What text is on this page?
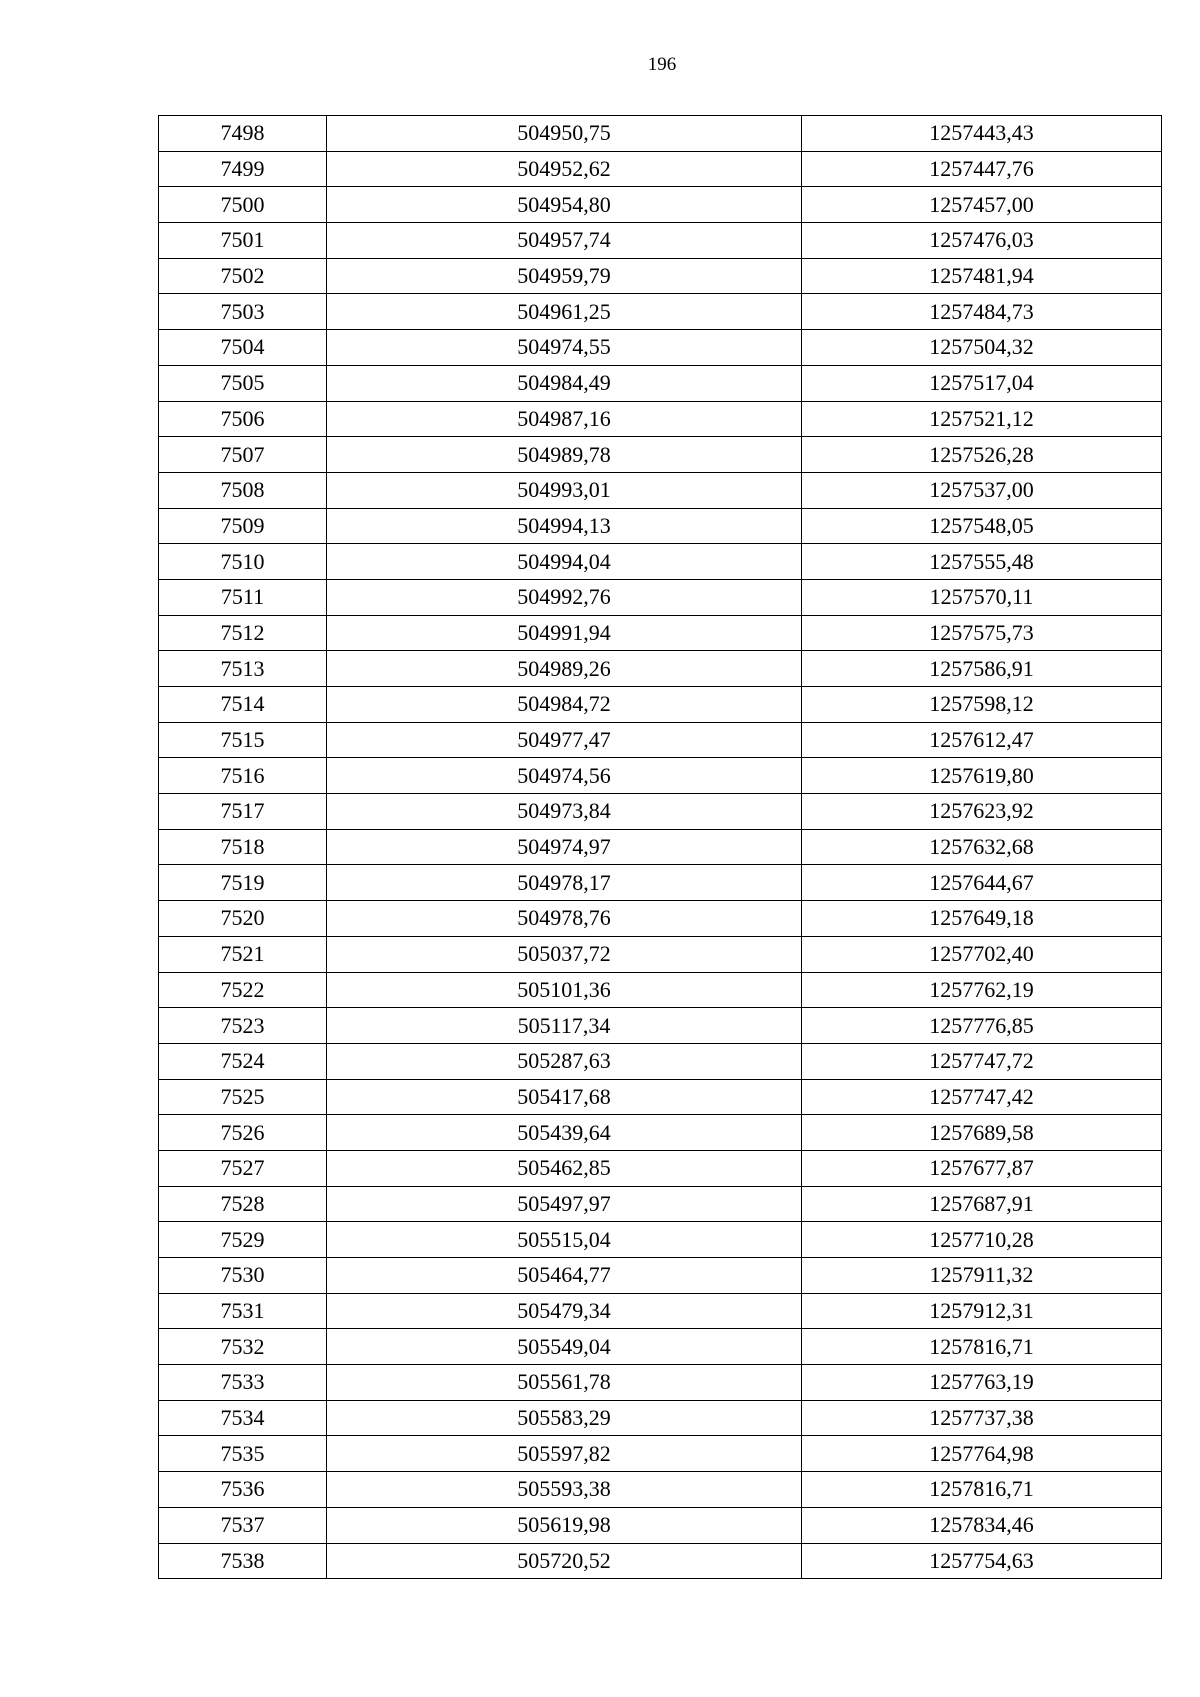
196
7498	504950,75	1257443,43
7499	504952,62	1257447,76
7500	504954,80	1257457,00
7501	504957,74	1257476,03
7502	504959,79	1257481,94
7503	504961,25	1257484,73
7504	504974,55	1257504,32
7505	504984,49	1257517,04
7506	504987,16	1257521,12
7507	504989,78	1257526,28
7508	504993,01	1257537,00
7509	504994,13	1257548,05
7510	504994,04	1257555,48
7511	504992,76	1257570,11
7512	504991,94	1257575,73
7513	504989,26	1257586,91
7514	504984,72	1257598,12
7515	504977,47	1257612,47
7516	504974,56	1257619,80
7517	504973,84	1257623,92
7518	504974,97	1257632,68
7519	504978,17	1257644,67
7520	504978,76	1257649,18
7521	505037,72	1257702,40
7522	505101,36	1257762,19
7523	505117,34	1257776,85
7524	505287,63	1257747,72
7525	505417,68	1257747,42
7526	505439,64	1257689,58
7527	505462,85	1257677,87
7528	505497,97	1257687,91
7529	505515,04	1257710,28
7530	505464,77	1257911,32
7531	505479,34	1257912,31
7532	505549,04	1257816,71
7533	505561,78	1257763,19
7534	505583,29	1257737,38
7535	505597,82	1257764,98
7536	505593,38	1257816,71
7537	505619,98	1257834,46
7538	505720,52	1257754,63
